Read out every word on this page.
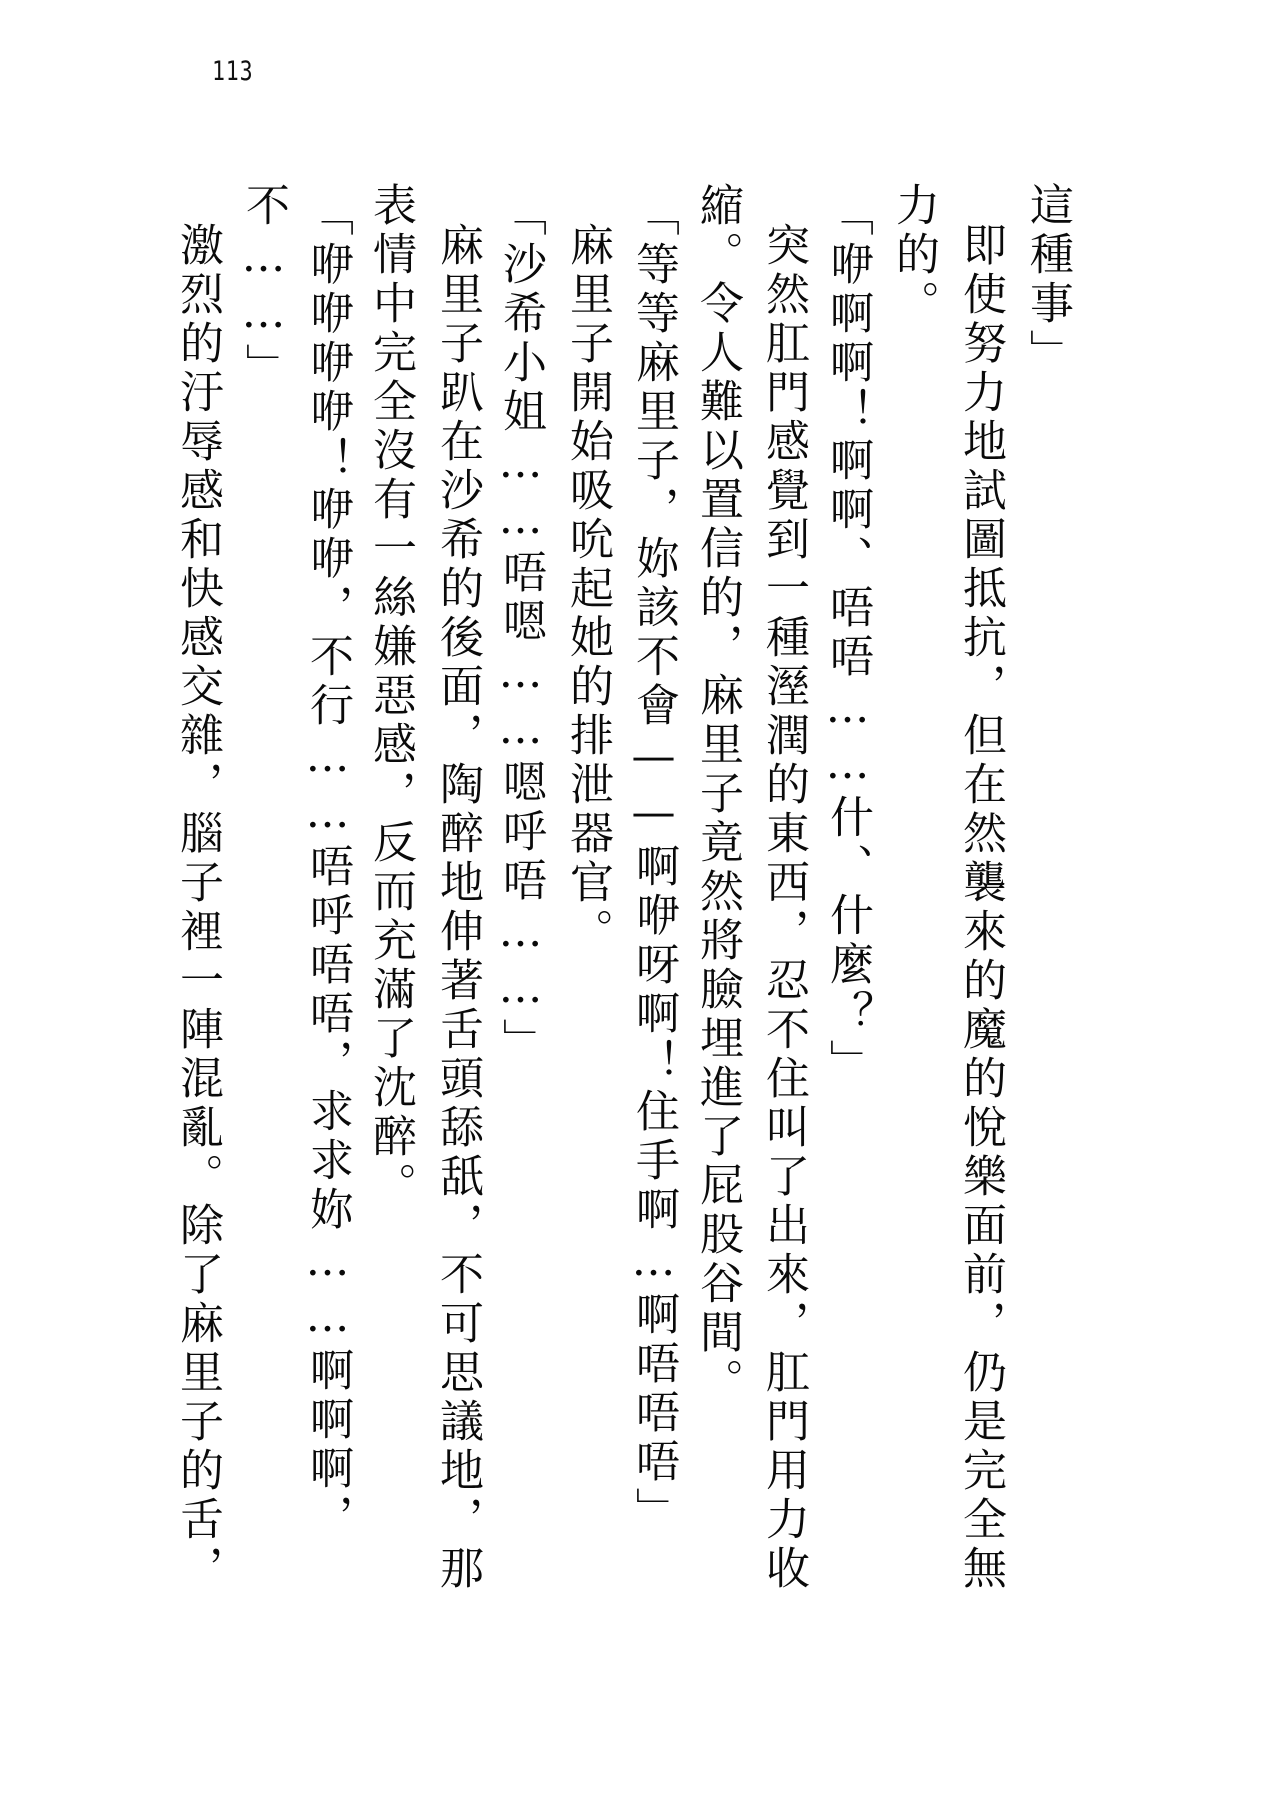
113
這種事」
即使努力地試圖抵抗，但在然襲來的魔的悅樂面前，仍是完全無
力的。
「咿啊啊！啊啊、唔唔……什、什麼？」
突然肛門感覺到一種溼潤的東西，忍不住叫了出來，肛門用力收
縮。令人難以置信的，麻里子竟然將臉埋進了屁股谷間。
「等等麻里子，妳該不會——啊咿呀啊！住手啊…啊唔唔唔」
麻里子開始吸吮起她的排泄器官。
「沙希小姐……唔嗯……嗯呼唔……」
麻里子趴在沙希的後面，陶醉地伸著舌頭舔舐，不可思議地，那
表情中完全沒有一絲嫌惡感，反而充滿了沈醉。
「咿咿咿咿！咿咿，不行……唔呼唔唔，求求妳……啊啊啊，
不……」
激烈的汙辱感和快感交雜，腦子裡一陣混亂。除了麻里子的舌，
